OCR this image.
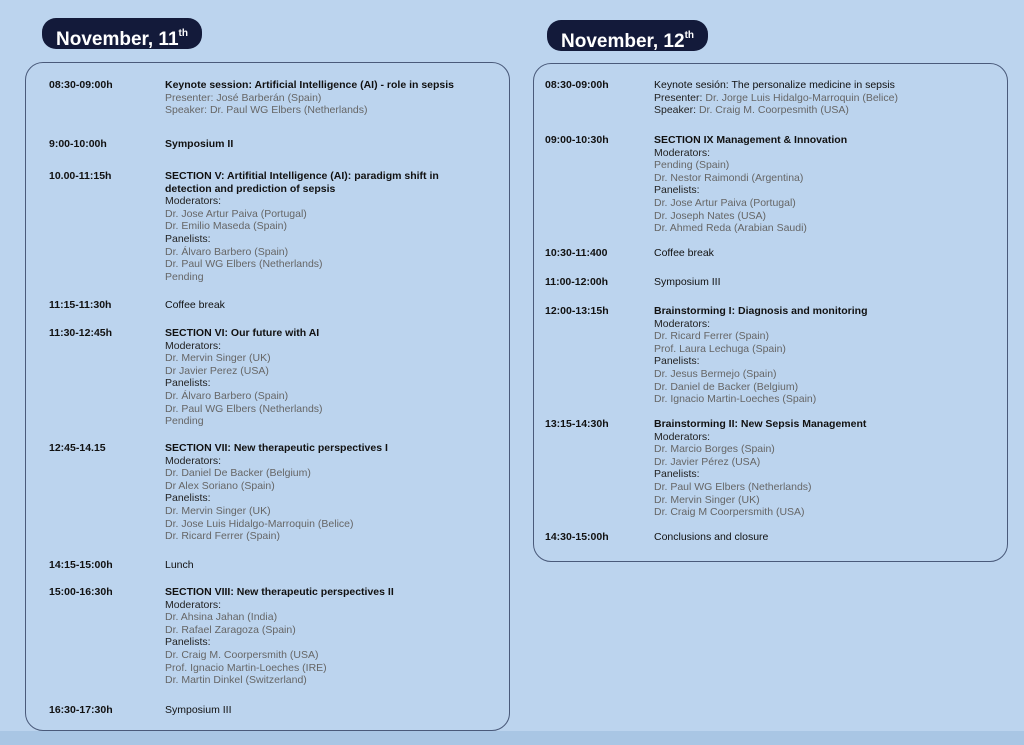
November, 11th
08:30-09:00h	Keynote session: Artificial Intelligence (AI) - role in sepsis
Presenter: José Barberán (Spain)
Speaker: Dr. Paul WG Elbers (Netherlands)
9:00-10:00h	Symposium II
10.00-11:15h	SECTION V: Artifitial Intelligence (AI): paradigm shift in detection and prediction of sepsis
Moderators:
Dr. Jose Artur Paiva (Portugal)
Dr. Emilio Maseda (Spain)
Panelists:
Dr. Álvaro Barbero (Spain)
Dr. Paul WG Elbers (Netherlands)
Pending
11:15-11:30h	Coffee break
11:30-12:45h	SECTION VI: Our future with AI
Moderators:
Dr. Mervin Singer (UK)
Dr Javier Perez (USA)
Panelists:
Dr. Álvaro Barbero (Spain)
Dr. Paul WG Elbers (Netherlands)
Pending
12:45-14.15	SECTION VII: New therapeutic perspectives I
Moderators:
Dr. Daniel De Backer (Belgium)
Dr Alex Soriano (Spain)
Panelists:
Dr. Mervin Singer (UK)
Dr. Jose Luis Hidalgo-Marroquin (Belice)
Dr. Ricard Ferrer (Spain)
14:15-15:00h	Lunch
15:00-16:30h	SECTION VIII: New therapeutic perspectives II
Moderators:
Dr. Ahsina Jahan (India)
Dr. Rafael Zaragoza (Spain)
Panelists:
Dr. Craig M. Coorpersmith (USA)
Prof. Ignacio Martin-Loeches (IRE)
Dr. Martin Dinkel (Switzerland)
16:30-17:30h	Symposium III
November, 12th
08:30-09:00h	Keynote sesión: The personalize medicine in sepsis
Presenter: Dr. Jorge Luis Hidalgo-Marroquin (Belice)
Speaker: Dr. Craig M. Coorpesmith (USA)
09:00-10:30h	SECTION IX Management & Innovation
Moderators:
Pending (Spain)
Dr. Nestor Raimondi (Argentina)
Panelists:
Dr. Jose Artur Paiva (Portugal)
Dr. Joseph Nates (USA)
Dr. Ahmed Reda (Arabian Saudi)
10:30-11:400	Coffee break
11:00-12:00h	Symposium III
12:00-13:15h	Brainstorming I: Diagnosis and monitoring
Moderators:
Dr. Ricard Ferrer (Spain)
Prof. Laura Lechuga (Spain)
Panelists:
Dr. Jesus Bermejo (Spain)
Dr. Daniel de Backer (Belgium)
Dr. Ignacio Martin-Loeches (Spain)
13:15-14:30h	Brainstorming II: New Sepsis Management
Moderators:
Dr. Marcio Borges (Spain)
Dr. Javier Pérez (USA)
Panelists:
Dr. Paul WG Elbers (Netherlands)
Dr. Mervin Singer (UK)
Dr. Craig M Coorpersmith (USA)
14:30-15:00h	Conclusions and closure
